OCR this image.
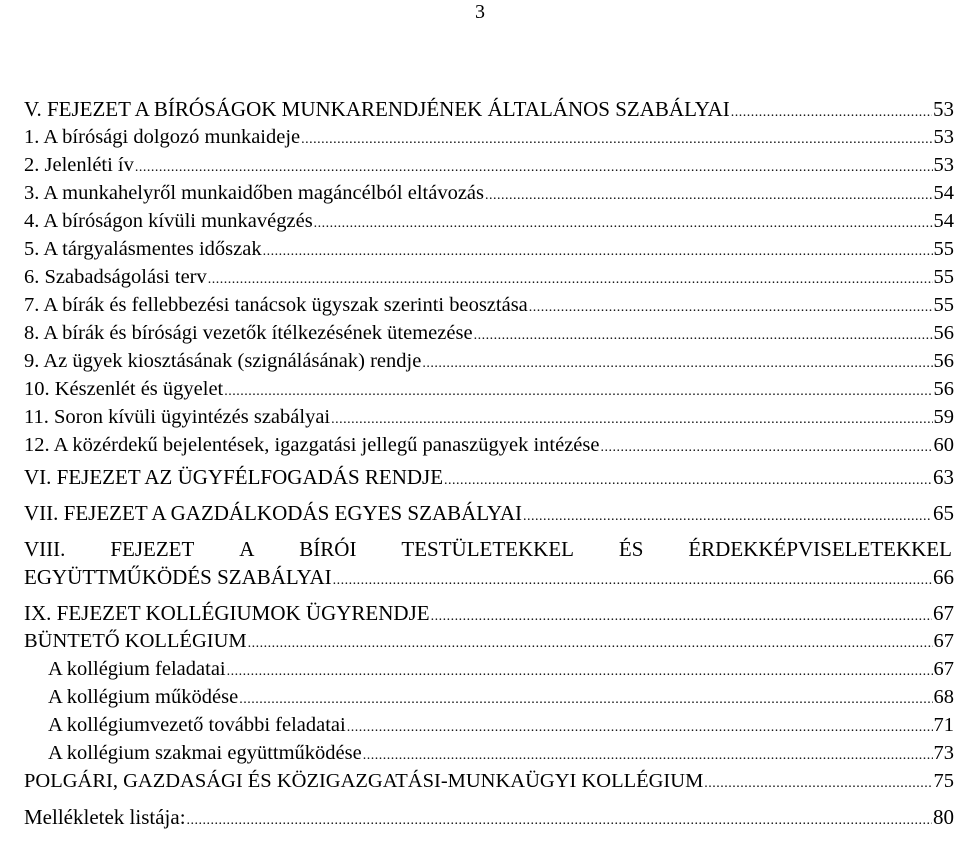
3
V. FEJEZET A BÍRÓSÁGOK MUNKARENDJÉNEK ÁLTALÁNOS SZABÁLYAI .....	53
1. A bírósági dolgozó munkaideje .....	53
2. Jelenléti ív .....	53
3. A munkahelyről munkaidőben magáncélból eltávozás .....	54
4. A bíróságon kívüli munkavégzés .....	54
5. A tárgyalásmentes időszak .....	55
6. Szabadságolási terv .....	55
7. A bírák és fellebbezési tanácsok ügyszak szerinti beosztása .....	55
8. A bírák és bírósági vezetők ítélkezésének ütemezése .....	56
9. Az ügyek kiosztásának (szignálásának) rendje .....	56
10. Készenlét és ügyelet .....	56
11. Soron kívüli ügyintézés szabályai .....	59
12. A közérdekű bejelentések, igazgatási jellegű panaszügyek intézése .....	60
VI. FEJEZET AZ ÜGYFÉLFOGADÁS RENDJE .....	63
VII. FEJEZET A GAZDÁLKODÁS EGYES SZABÁLYAI .....	65
VIII. FEJEZET A BÍRÓI TESTÜLETEKKEL ÉS ÉRDEKKÉPVISELETEKKEL
EGYÜTTMŰKÖDÉS SZABÁLYAI .....	66
IX. FEJEZET KOLLÉGIUMOK ÜGYRENDJE .....	67
BÜNTETŐ KOLLÉGIUM .....	67
A kollégium feladatai .....	67
A kollégium működése .....	68
A kollégiumvezető további feladatai .....	71
A kollégium szakmai együttműködése .....	73
POLGÁRI, GAZDASÁGI ÉS KÖZIGAZGATÁSI-MUNKAÜGYI KOLLÉGIUM .....	75
Mellékletek listája: .....	80
